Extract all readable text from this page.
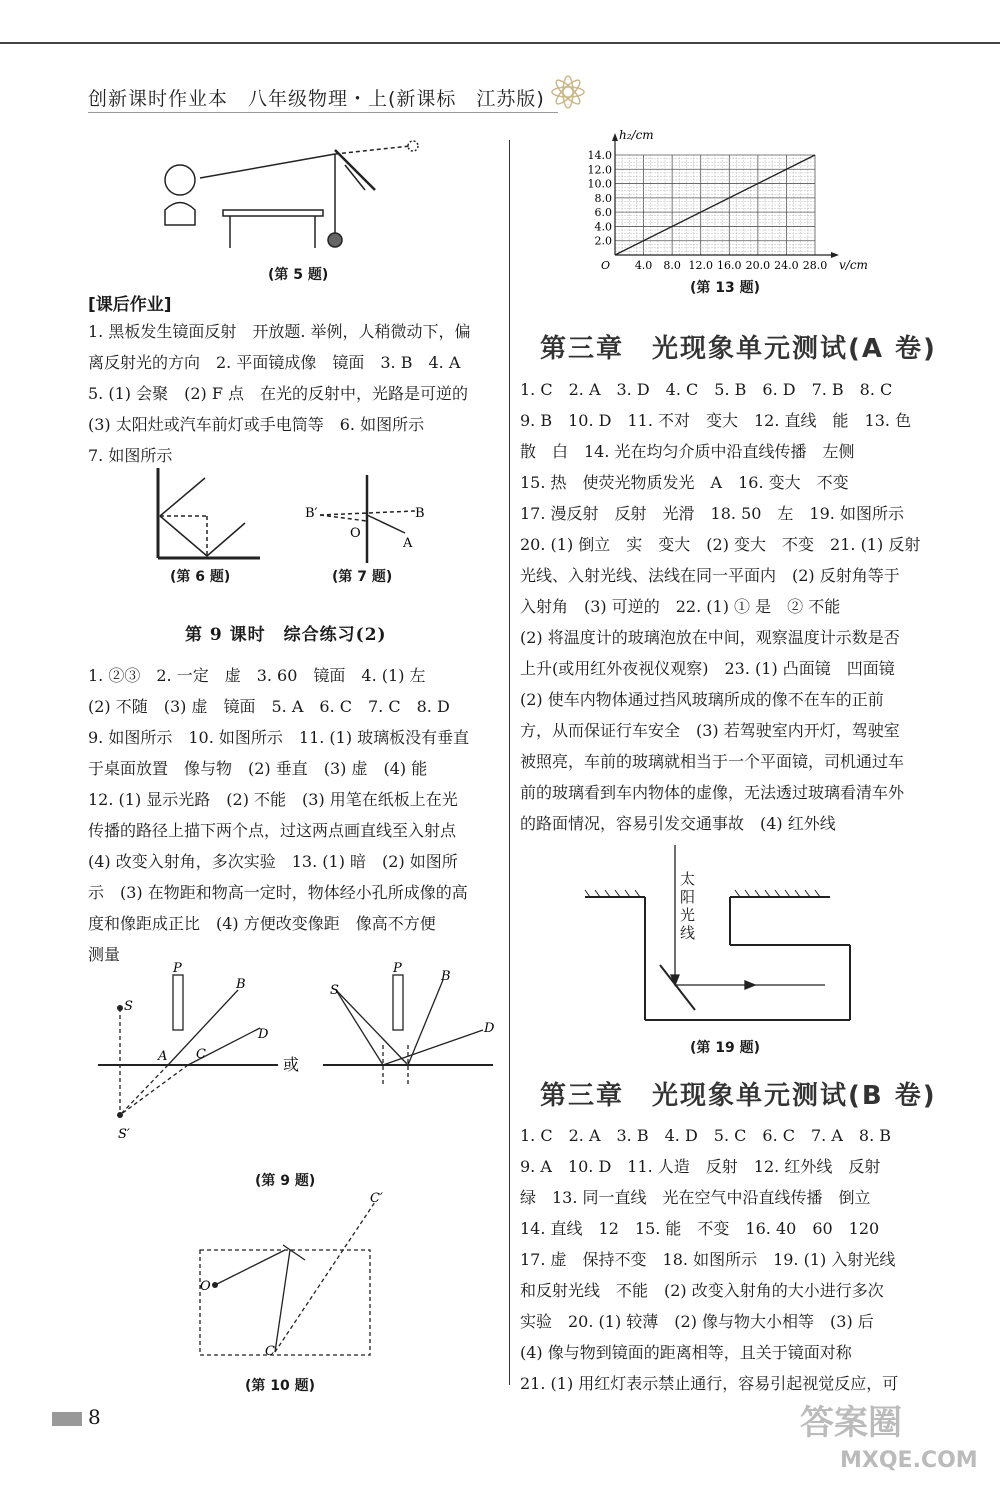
创新课时作业本　八年级物理・上(新课标　江苏版)
(第 5 题)
[课后作业]

1. 黑板发生镜面反射　开放题. 举例，人稍微动下，偏

离反射光的方向　2. 平面镜成像　镜面　3. B　4. A

5. (1) 会聚　(2) F 点　在光的反射中，光路是可逆的

(3) 太阳灶或汽车前灯或手电筒等　6. 如图所示

7. 如图所示

(第 6 题)
B′	B
O
A
(第 7 题)
第 9 课时　综合练习(2)

1. ②③　2. 一定　虚　3. 60　镜面　4. (1) 左

(2) 不随　(3) 虚　镜面　5. A　6. C　7. C　8. D

9. 如图所示　10. 如图所示　11. (1) 玻璃板没有垂直

于桌面放置　像与物　(2) 垂直　(3) 虚　(4) 能

12. (1) 显示光路　(2) 不能　(3) 用笔在纸板上在光

传播的路径上描下两个点，过这两点画直线至入射点

(4) 改变入射角，多次实验　13. (1) 暗　(2) 如图所

示　(3) 在物距和物高一定时，物体经小孔所成像的高

度和像距成正比　(4) 方便改变像距　像高不方便

测量

P
S
S′
A
B
C
D
或
P
S
B
D
(第 9 题)
O
C
C′
(第 10 题)
4.0 8.0 12.0 16.0 20.0 24.0 28.0
2.0
4.0
6.0
8.0
10.0
12.0
14.0
O	v/cm
h₂/cm
(第 13 题)
第三章　光现象单元测试(A 卷)

1. C　2. A　3. D　4. C　5. B　6. D　7. B　8. C

9. B　10. D　11. 不对　变大　12. 直线　能　13. 色

散　白　14. 光在均匀介质中沿直线传播　左侧

15. 热　使荧光物质发光　A　16. 变大　不变

17. 漫反射　反射　光滑　18. 50　左　19. 如图所示

20. (1) 倒立　实　变大　(2) 变大　不变　21. (1) 反射

光线、入射光线、法线在同一平面内　(2) 反射角等于

入射角　(3) 可逆的　22. (1) ① 是　② 不能

(2) 将温度计的玻璃泡放在中间，观察温度计示数是否

上升(或用红外夜视仪观察)　23. (1) 凸面镜　凹面镜

(2) 使车内物体通过挡风玻璃所成的像不在车的正前

方，从而保证行车安全　(3) 若驾驶室内开灯，驾驶室

被照亮，车前的玻璃就相当于一个平面镜，司机通过车

前的玻璃看到车内物体的虚像，无法透过玻璃看清车外

的路面情况，容易引发交通事故　(4) 红外线

太阳光线
(第 19 题)
第三章　光现象单元测试(B 卷)

1. C　2. A　3. B　4. D　5. C　6. C　7. A　8. B

9. A　10. D　11. 人造　反射　12. 红外线　反射

绿　13. 同一直线　光在空气中沿直线传播　倒立

14. 直线　12　15. 能　不变　16. 40　60　120

17. 虚　保持不变　18. 如图所示　19. (1) 入射光线

和反射光线　不能　(2) 改变入射角的大小进行多次

实验　20. (1) 较薄　(2) 像与物大小相等　(3) 后

(4) 像与物到镜面的距离相等，且关于镜面对称

21. (1) 用红灯表示禁止通行，容易引起视觉反应，可

8	答案圈
MXQE.COM
